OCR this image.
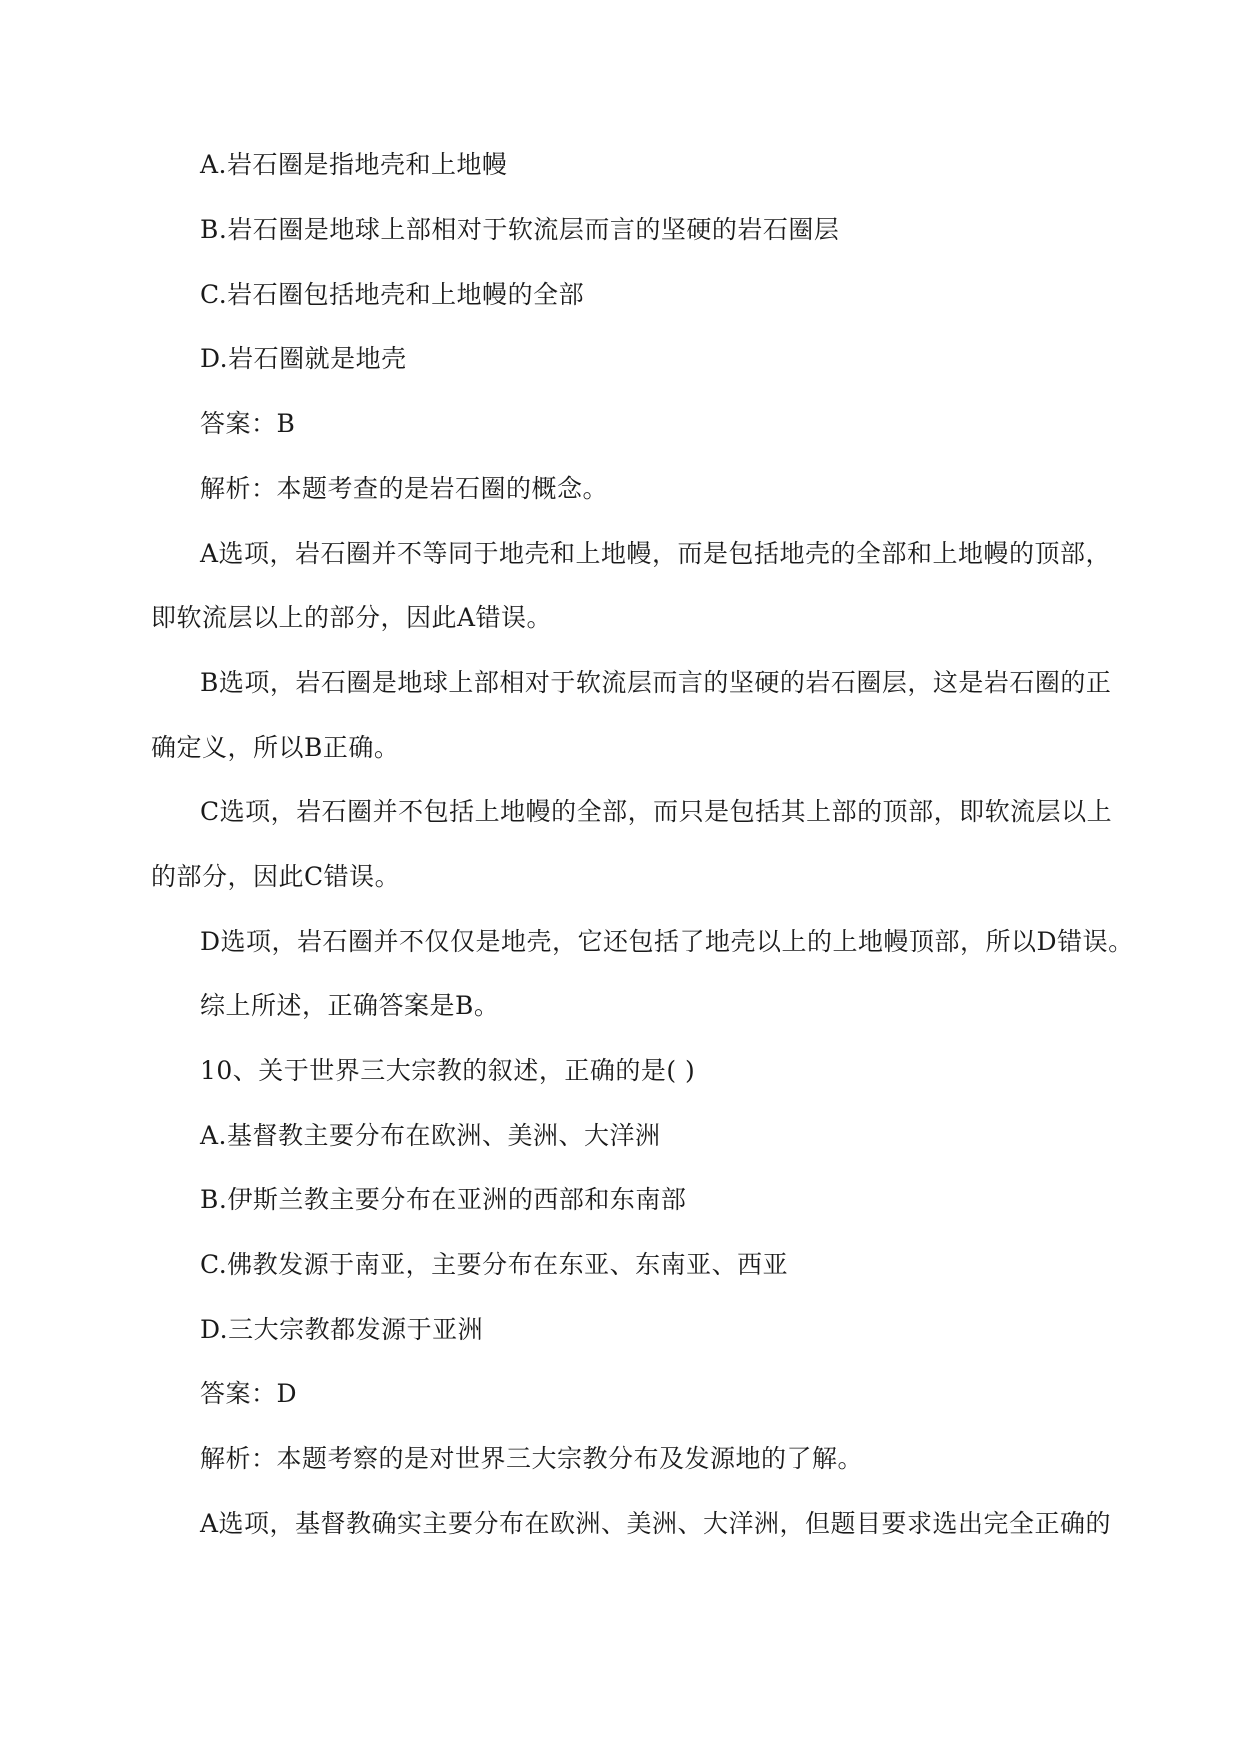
A.岩石圈是指地壳和上地幔

B.岩石圈是地球上部相对于软流层而言的坚硬的岩石圈层

C.岩石圈包括地壳和上地幔的全部

D.岩石圈就是地壳

答案：B

解析：本题考查的是岩石圈的概念。

A选项，岩石圈并不等同于地壳和上地幔，而是包括地壳的全部和上地幔的顶部，

即软流层以上的部分，因此A错误。

B选项，岩石圈是地球上部相对于软流层而言的坚硬的岩石圈层，这是岩石圈的正

确定义，所以B正确。

C选项，岩石圈并不包括上地幔的全部，而只是包括其上部的顶部，即软流层以上

的部分，因此C错误。

D选项，岩石圈并不仅仅是地壳，它还包括了地壳以上的上地幔顶部，所以D错误。

综上所述，正确答案是B。

10、关于世界三大宗教的叙述，正确的是( )

A.基督教主要分布在欧洲、美洲、大洋洲

B.伊斯兰教主要分布在亚洲的西部和东南部

C.佛教发源于南亚，主要分布在东亚、东南亚、西亚

D.三大宗教都发源于亚洲

答案：D

解析：本题考察的是对世界三大宗教分布及发源地的了解。

A选项，基督教确实主要分布在欧洲、美洲、大洋洲，但题目要求选出完全正确的
